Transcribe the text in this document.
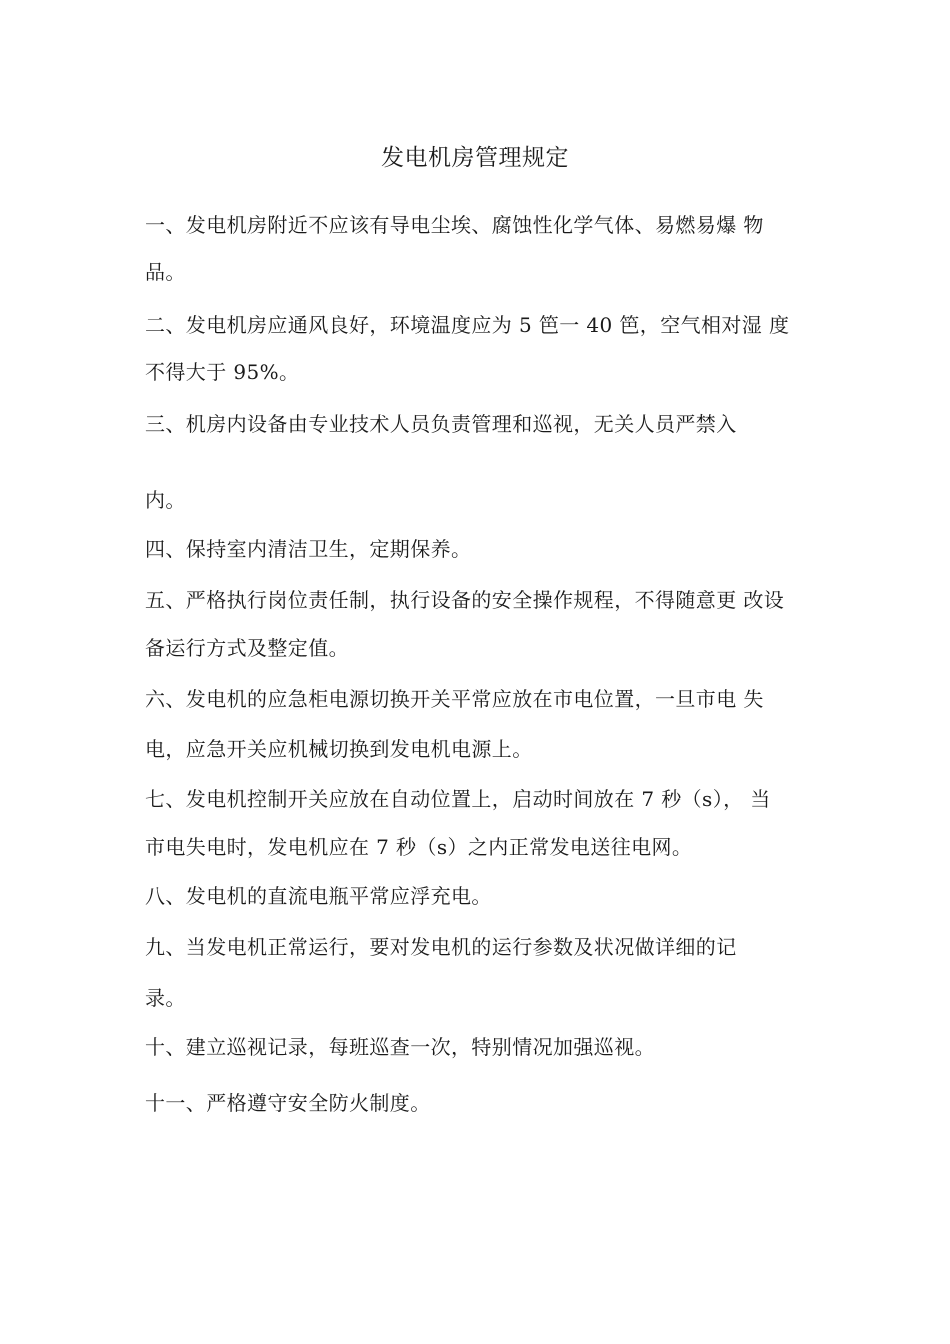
发电机房管理规定
一、发电机房附近不应该有导电尘埃、腐蚀性化学气体、易燃易爆 物
品。
二、发电机房应通风良好，环境温度应为 5 笆一 40 笆，空气相对湿 度
不得大于 95%。
三、机房内设备由专业技术人员负责管理和巡视，无关人员严禁入
内。
四、保持室内清洁卫生，定期保养。
五、严格执行岗位责任制，执行设备的安全操作规程，不得随意更 改设
备运行方式及整定值。
六、发电机的应急柜电源切换开关平常应放在市电位置，一旦市电 失
电，应急开关应机械切换到发电机电源上。
七、发电机控制开关应放在自动位置上，启动时间放在 7 秒（s）， 当
市电失电时，发电机应在 7 秒（s）之内正常发电送往电网。
八、发电机的直流电瓶平常应浮充电。
九、当发电机正常运行，要对发电机的运行参数及状况做详细的记
录。
十、建立巡视记录，每班巡查一次，特别情况加强巡视。
十一、严格遵守安全防火制度。
